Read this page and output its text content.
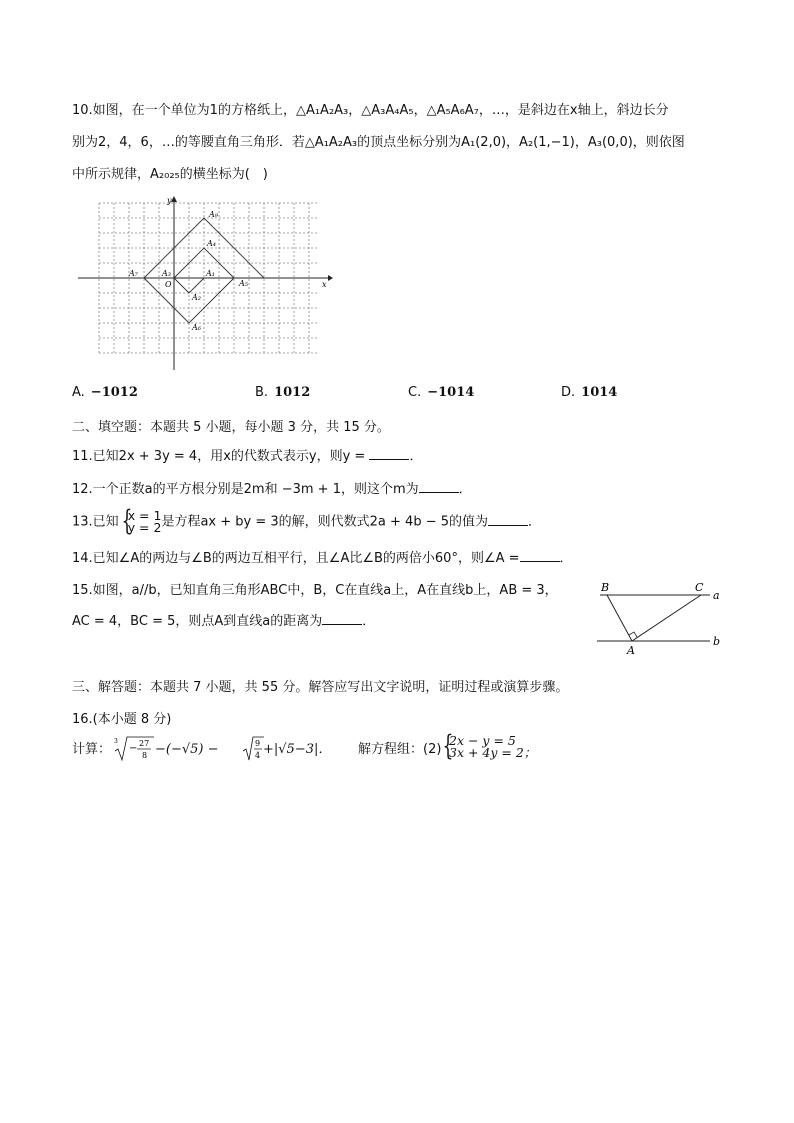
10.如图，在一个单位为1的方格纸上，△A₁A₂A₃，△A₃A₄A₅，△A₅A₆A₇，…，是斜边在x轴上，斜边长分
别为2，4，6，…的等腰直角三角形．若△A₁A₂A₃的顶点坐标分别为A₁(2,0)，A₂(1,−1)，A₃(0,0)，则依图
中所示规律，A₂₀₂₅的横坐标为(　)
x
y
O
A₉
A₄
A₇	A₃	A₁
A₅
A₂
A₆
A. −1012	B. 1012	C. −1014	D. 1014
二、填空题：本题共 5 小题，每小题 3 分，共 15 分。
11.已知2x + 3y = 4，用x的代数式表示y，则y =	．
12.一个正数a的平方根分别是2m和 −3m + 1，则这个m为	．
13.已知
{ x = 1
y = 2 是方程ax + by = 3的解，则代数式2a + 4b − 5的值为	．
14.已知∠A的两边与∠B的两边互相平行，且∠A比∠B的两倍小60°，则∠A =	．
15.如图，a//b，已知直角三角形ABC中，B，C在直线a上，A在直线b上，AB = 3，
AC = 4，BC = 5，则点A到直线a的距离为	．
B	C
A
a
b
三、解答题：本题共 7 小题，共 55 分。解答应写出文字说明，证明过程或演算步骤。
16.(本小题 8 分)
计算：
3
− 27
8 −(−√5) −	9
4 +|√5−3|． 解方程组：(2)
{ 2x − y = 5
3x + 4y = 2；
